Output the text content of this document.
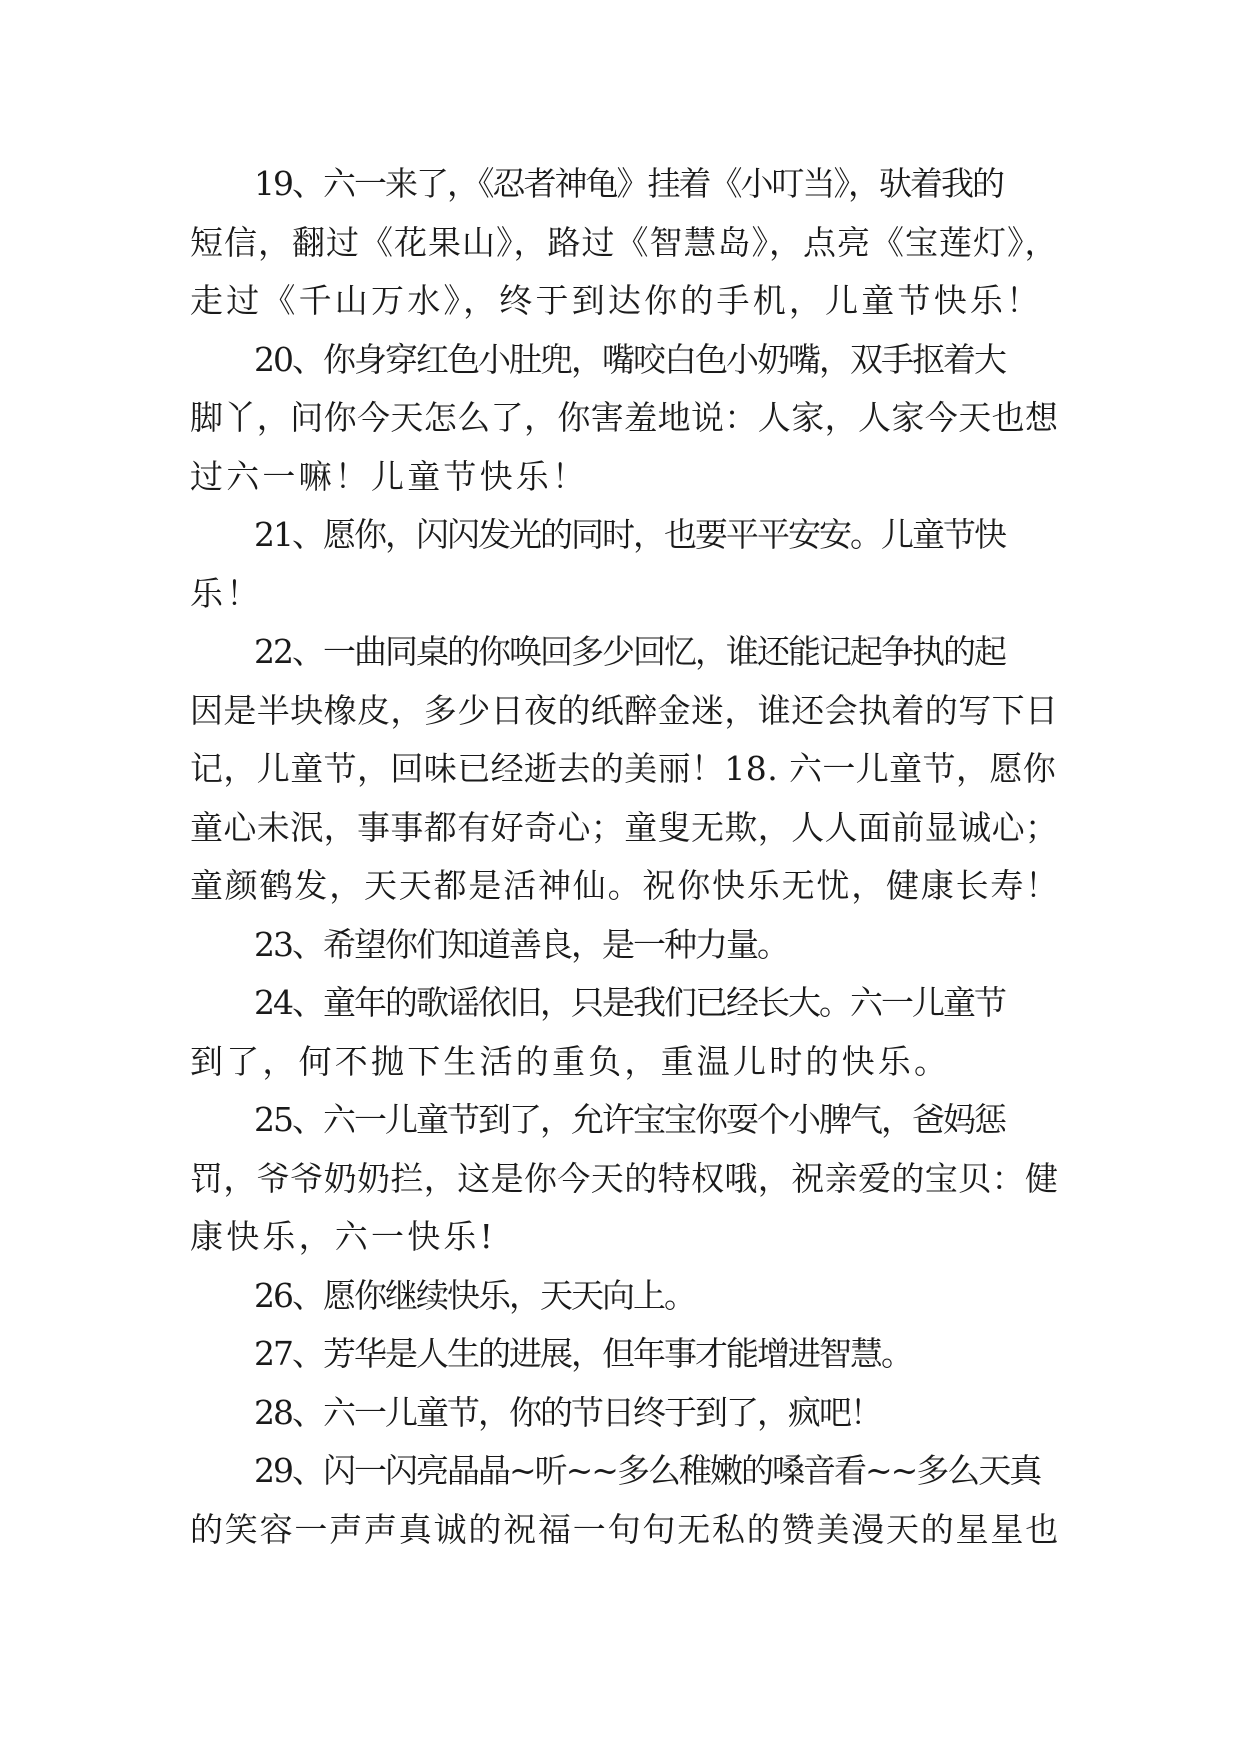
19、六一来了，《忍者神龟》挂着《小叮当》，驮着我的
短信，翻过《花果山》，路过《智慧岛》，点亮《宝莲灯》，
走过《千山万水》，终于到达你的手机，儿童节快乐！
20、你身穿红色小肚兜，嘴咬白色小奶嘴，双手抠着大
脚丫，问你今天怎么了，你害羞地说：人家，人家今天也想
过六一嘛！儿童节快乐！
21、愿你，闪闪发光的同时，也要平平安安。儿童节快
乐！
22、一曲同桌的你唤回多少回忆，谁还能记起争执的起
因是半块橡皮，多少日夜的纸醉金迷，谁还会执着的写下日
记，儿童节，回味已经逝去的美丽！18. 六一儿童节，愿你
童心未泯，事事都有好奇心；童叟无欺，人人面前显诚心；
童颜鹤发，天天都是活神仙。祝你快乐无忧，健康长寿！
23、希望你们知道善良，是一种力量。
24、童年的歌谣依旧，只是我们已经长大。六一儿童节
到了，何不抛下生活的重负，重温儿时的快乐。
25、六一儿童节到了，允许宝宝你耍个小脾气，爸妈惩
罚，爷爷奶奶拦，这是你今天的特权哦，祝亲爱的宝贝：健
康快乐，六一快乐!
26、愿你继续快乐，天天向上。
27、芳华是人生的进展，但年事才能增进智慧。
28、六一儿童节，你的节日终于到了，疯吧！
29、闪一闪亮晶晶~听~~多么稚嫩的嗓音看~~多么天真
的笑容一声声真诚的祝福一句句无私的赞美漫天的星星也
